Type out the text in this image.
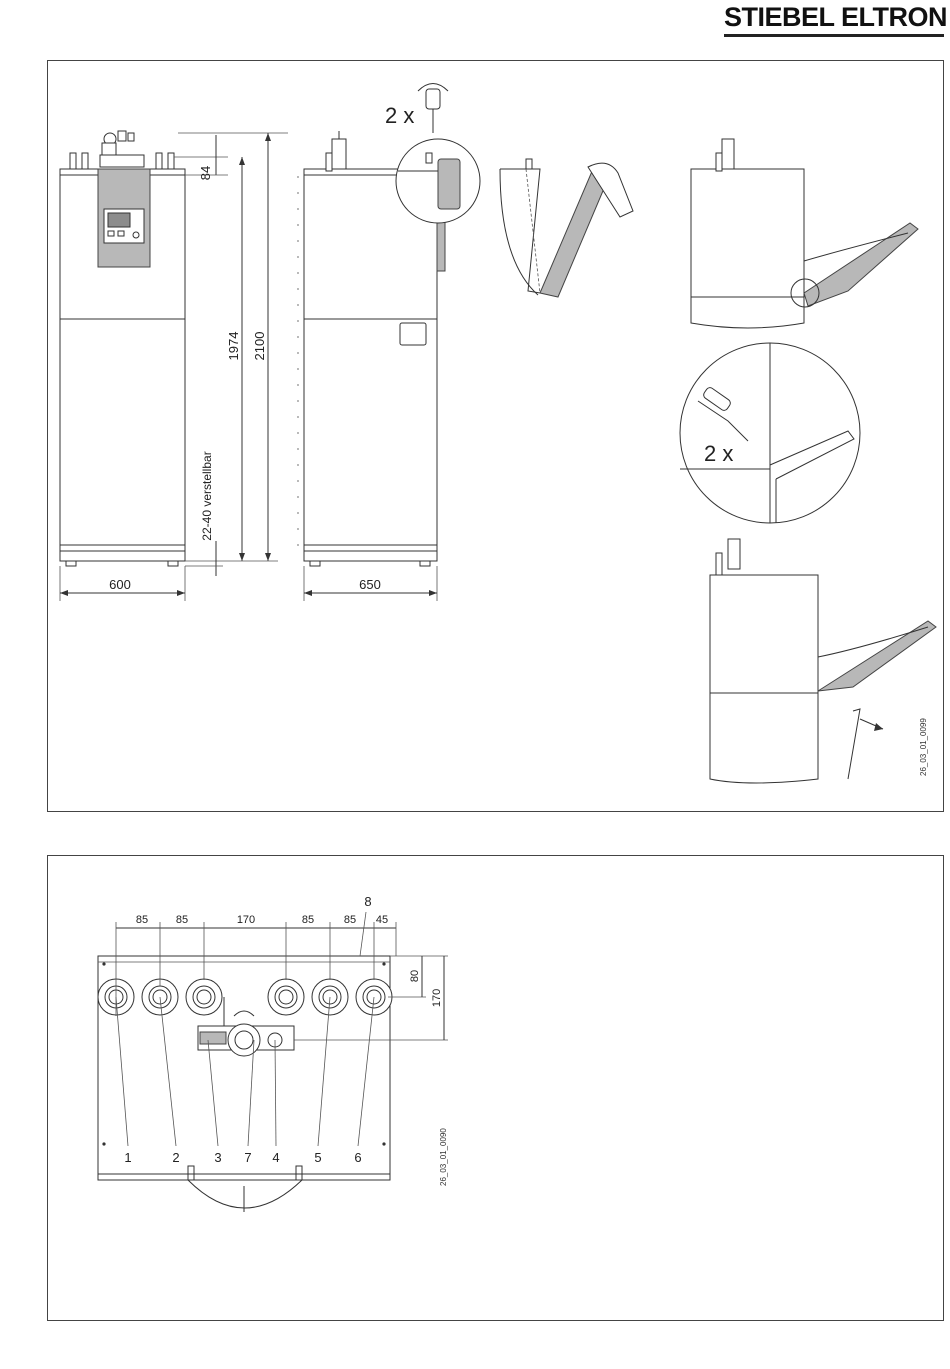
STIEBEL ELTRON
84
1974 2100
22-40 verstellbar
600	650
2 x
2 x
26_03_01_0099
85	85	170	85	85 45
8
80
170
1	2	3 7 4	5	6	26_03_01_0090
